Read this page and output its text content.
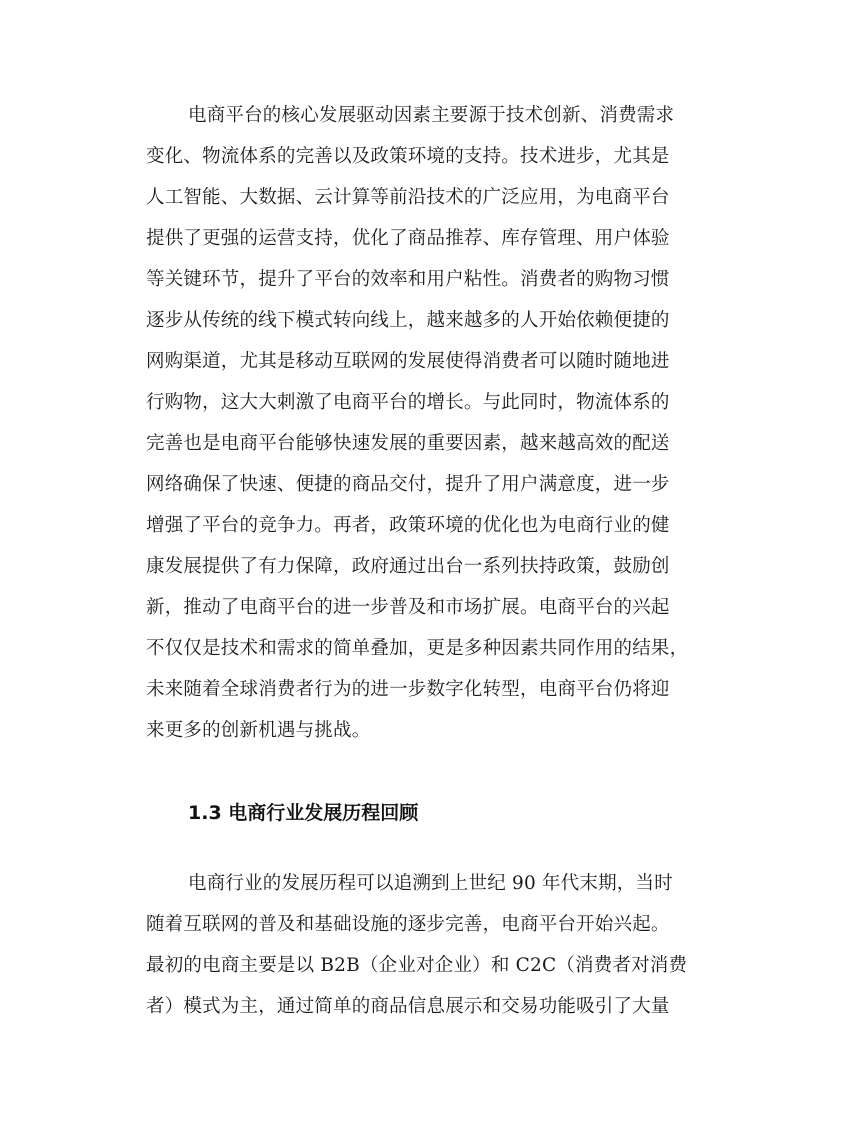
电商平台的核心发展驱动因素主要源于技术创新、消费需求
变化、物流体系的完善以及政策环境的支持。技术进步，尤其是
人工智能、大数据、云计算等前沿技术的广泛应用，为电商平台
提供了更强的运营支持，优化了商品推荐、库存管理、用户体验
等关键环节，提升了平台的效率和用户粘性。消费者的购物习惯
逐步从传统的线下模式转向线上，越来越多的人开始依赖便捷的
网购渠道，尤其是移动互联网的发展使得消费者可以随时随地进
行购物，这大大刺激了电商平台的增长。与此同时，物流体系的
完善也是电商平台能够快速发展的重要因素，越来越高效的配送
网络确保了快速、便捷的商品交付，提升了用户满意度，进一步
增强了平台的竞争力。再者，政策环境的优化也为电商行业的健
康发展提供了有力保障，政府通过出台一系列扶持政策，鼓励创
新，推动了电商平台的进一步普及和市场扩展。电商平台的兴起
不仅仅是技术和需求的简单叠加，更是多种因素共同作用的结果，
未来随着全球消费者行为的进一步数字化转型，电商平台仍将迎
来更多的创新机遇与挑战。
1.3 电商行业发展历程回顾
电商行业的发展历程可以追溯到上世纪 90 年代末期，当时
随着互联网的普及和基础设施的逐步完善，电商平台开始兴起。
最初的电商主要是以 B2B（企业对企业）和 C2C（消费者对消费
者）模式为主，通过简单的商品信息展示和交易功能吸引了大量
